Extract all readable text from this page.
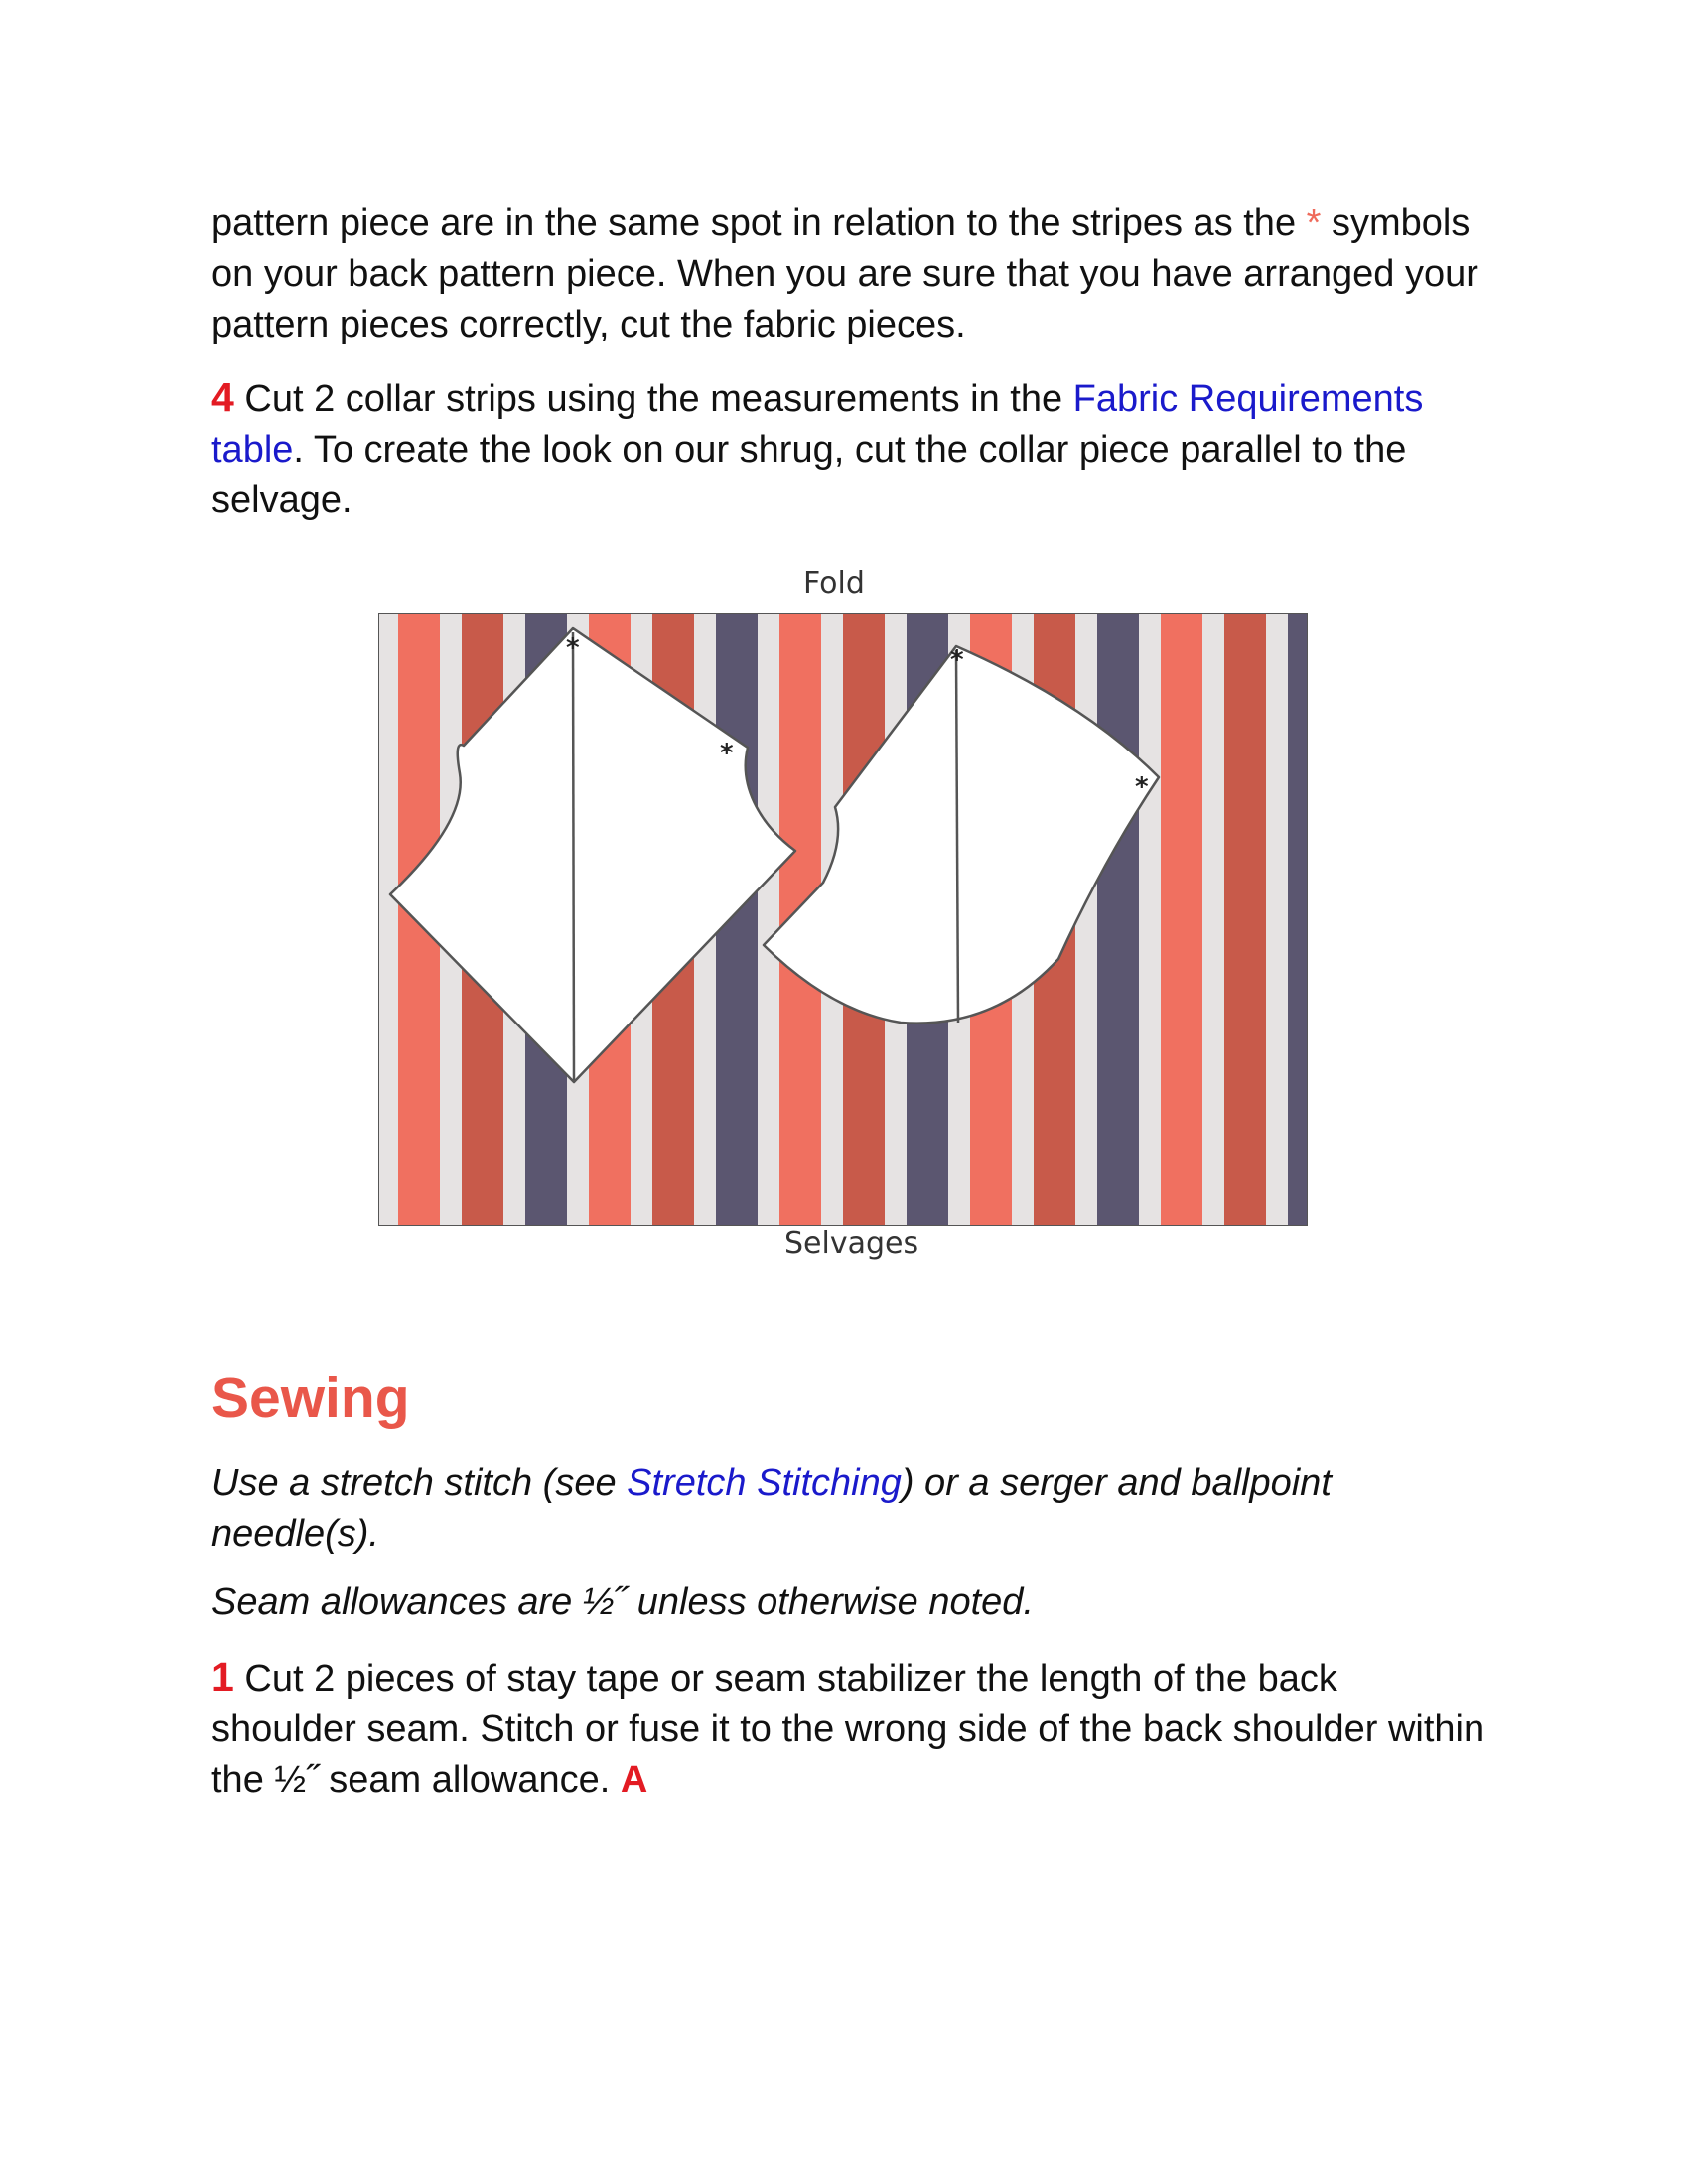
pattern piece are in the same spot in relation to the stripes as the * symbols on your back pattern piece. When you are sure that you have arranged your pattern pieces correctly, cut the fabric pieces.

4 Cut 2 collar strips using the measurements in the Fabric Requirements table. To create the look on our shrug, cut the collar piece parallel to the selvage.

Fold
*
*
*
*
Selvages
Sewing

Use a stretch stitch (see Stretch Stitching) or a serger and ballpoint needle(s).

Seam allowances are ½˝ unless otherwise noted.

1 Cut 2 pieces of stay tape or seam stabilizer the length of the back shoulder seam. Stitch or fuse it to the wrong side of the back shoulder within the ½˝ seam allowance. A
